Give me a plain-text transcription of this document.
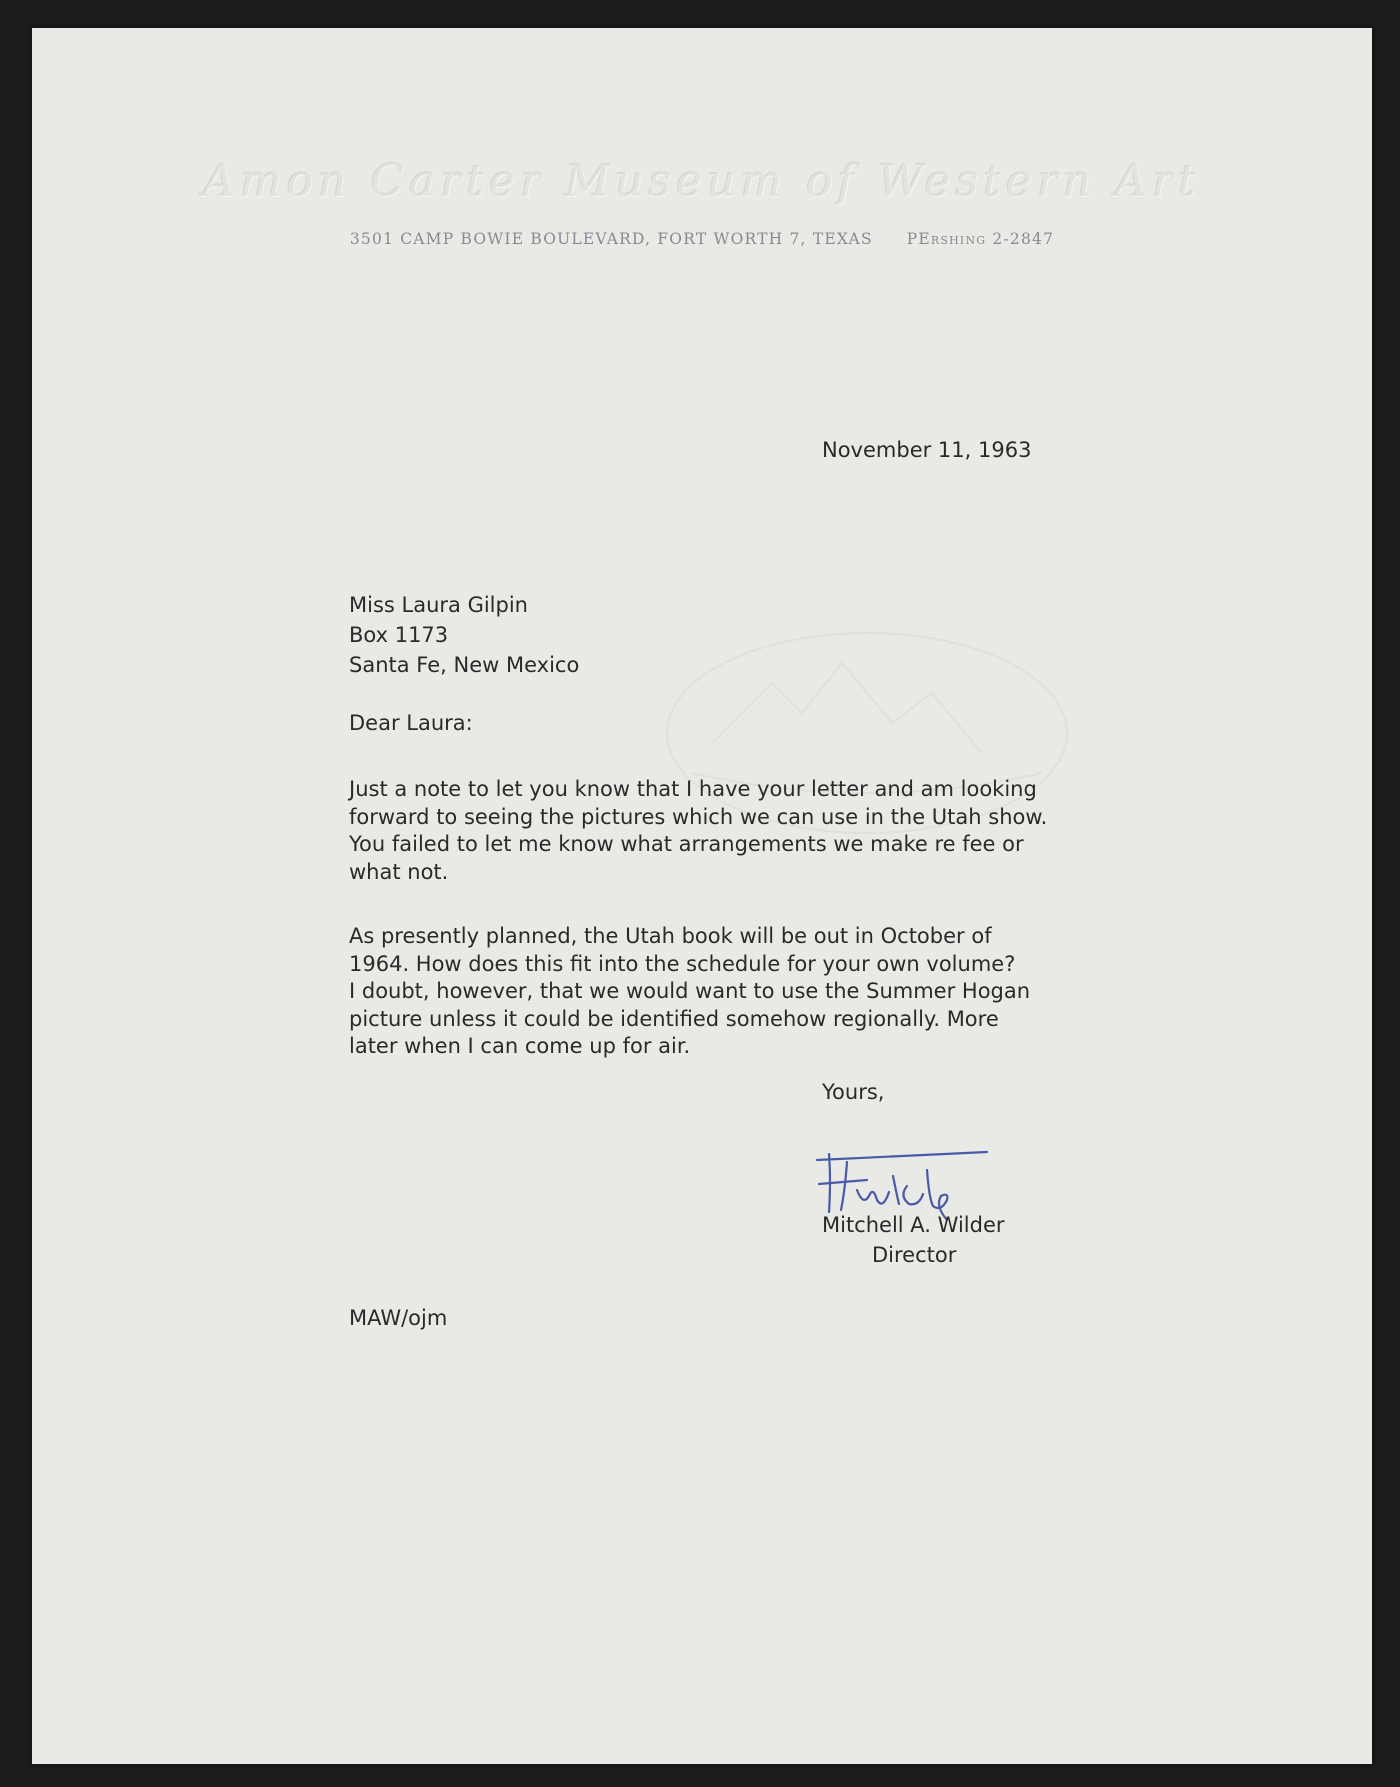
Amon Carter Museum of Western Art
3501 CAMP BOWIE BOULEVARD, FORT WORTH 7, TEXAS PErshing 2-2847
November 11, 1963
Miss Laura Gilpin
Box 1173
Santa Fe, New Mexico
Dear Laura:
Just a note to let you know that I have your letter and am looking
forward to seeing the pictures which we can use in the Utah show.
You failed to let me know what arrangements we make re fee or
what not.
As presently planned, the Utah book will be out in October of
1964. How does this fit into the schedule for your own volume?
I doubt, however, that we would want to use the Summer Hogan
picture unless it could be identified somehow regionally. More
later when I can come up for air.
Yours,
Mitchell A. Wilder
Director
MAW/ojm
